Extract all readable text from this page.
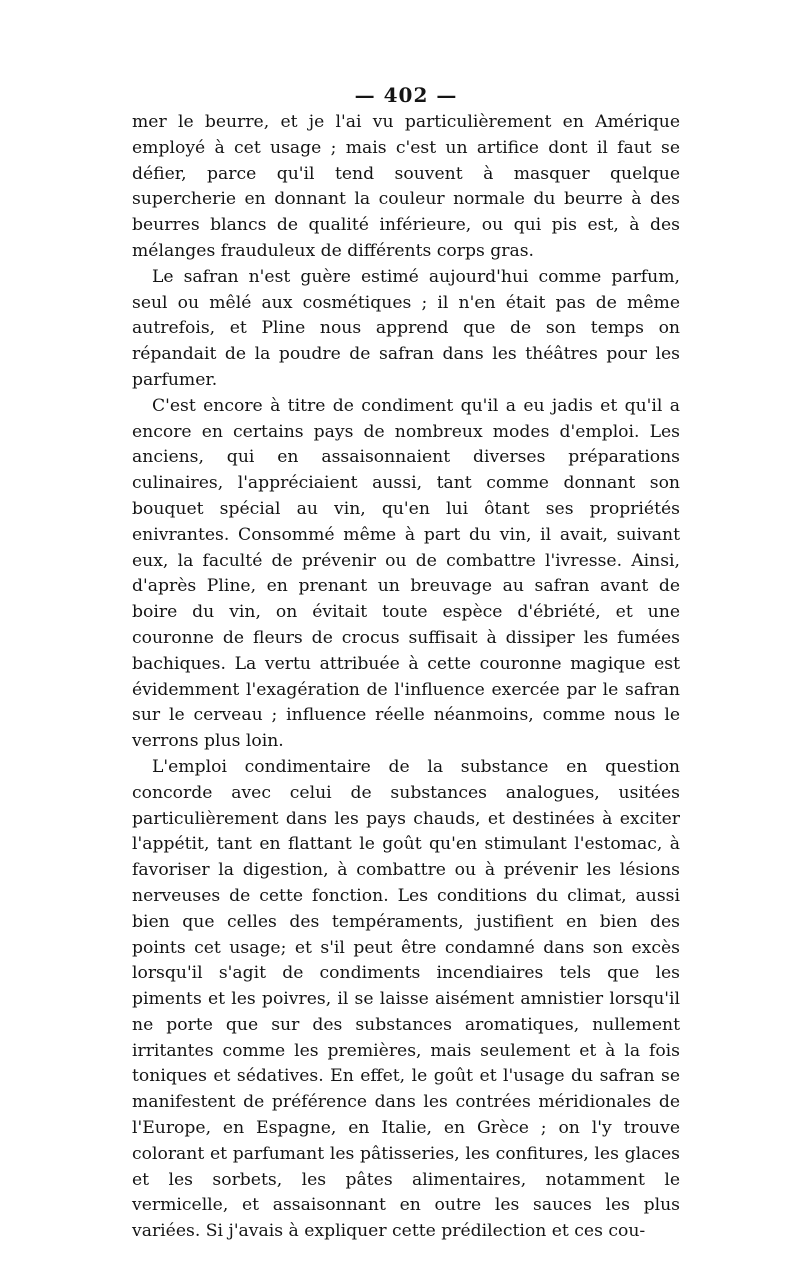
— 402 —

mer le beurre, et je l'ai vu particulièrement en Amérique employé à cet usage ; mais c'est un artifice dont il faut se défier, parce qu'il tend souvent à masquer quelque supercherie en donnant la couleur normale du beurre à des beurres blancs de qualité inférieure, ou qui pis est, à des mélanges frauduleux de différents corps gras.

Le safran n'est guère estimé aujourd'hui comme parfum, seul ou mêlé aux cosmétiques ; il n'en était pas de même autrefois, et Pline nous apprend que de son temps on répandait de la poudre de safran dans les théâtres pour les parfumer.

C'est encore à titre de condiment qu'il a eu jadis et qu'il a encore en certains pays de nombreux modes d'emploi. Les anciens, qui en assaisonnaient diverses préparations culinaires, l'appréciaient aussi, tant comme donnant son bouquet spécial au vin, qu'en lui ôtant ses propriétés enivrantes. Consommé même à part du vin, il avait, suivant eux, la faculté de prévenir ou de combattre l'ivresse. Ainsi, d'après Pline, en prenant un breuvage au safran avant de boire du vin, on évitait toute espèce d'ébriété, et une couronne de fleurs de crocus suffisait à dissiper les fumées bachiques. La vertu attribuée à cette couronne magique est évidemment l'exagération de l'influence exercée par le safran sur le cerveau ; influence réelle néanmoins, comme nous le verrons plus loin.

L'emploi condimentaire de la substance en question concorde avec celui de substances analogues, usitées particulièrement dans les pays chauds, et destinées à exciter l'appétit, tant en flattant le goût qu'en stimulant l'estomac, à favoriser la digestion, à combattre ou à prévenir les lésions nerveuses de cette fonction. Les conditions du climat, aussi bien que celles des tempéraments, justifient en bien des points cet usage; et s'il peut être condamné dans son excès lorsqu'il s'agit de condiments incendiaires tels que les piments et les poivres, il se laisse aisément amnistier lorsqu'il ne porte que sur des substances aromatiques, nullement irritantes comme les premières, mais seulement et à la fois toniques et sédatives. En effet, le goût et l'usage du safran se manifestent de préférence dans les contrées méridionales de l'Europe, en Espagne, en Italie, en Grèce ; on l'y trouve colorant et parfumant les pâtisseries, les confitures, les glaces et les sorbets, les pâtes alimentaires, notamment le vermicelle, et assaisonnant en outre les sauces les plus variées. Si j'avais à expliquer cette prédilection et ces cou-
